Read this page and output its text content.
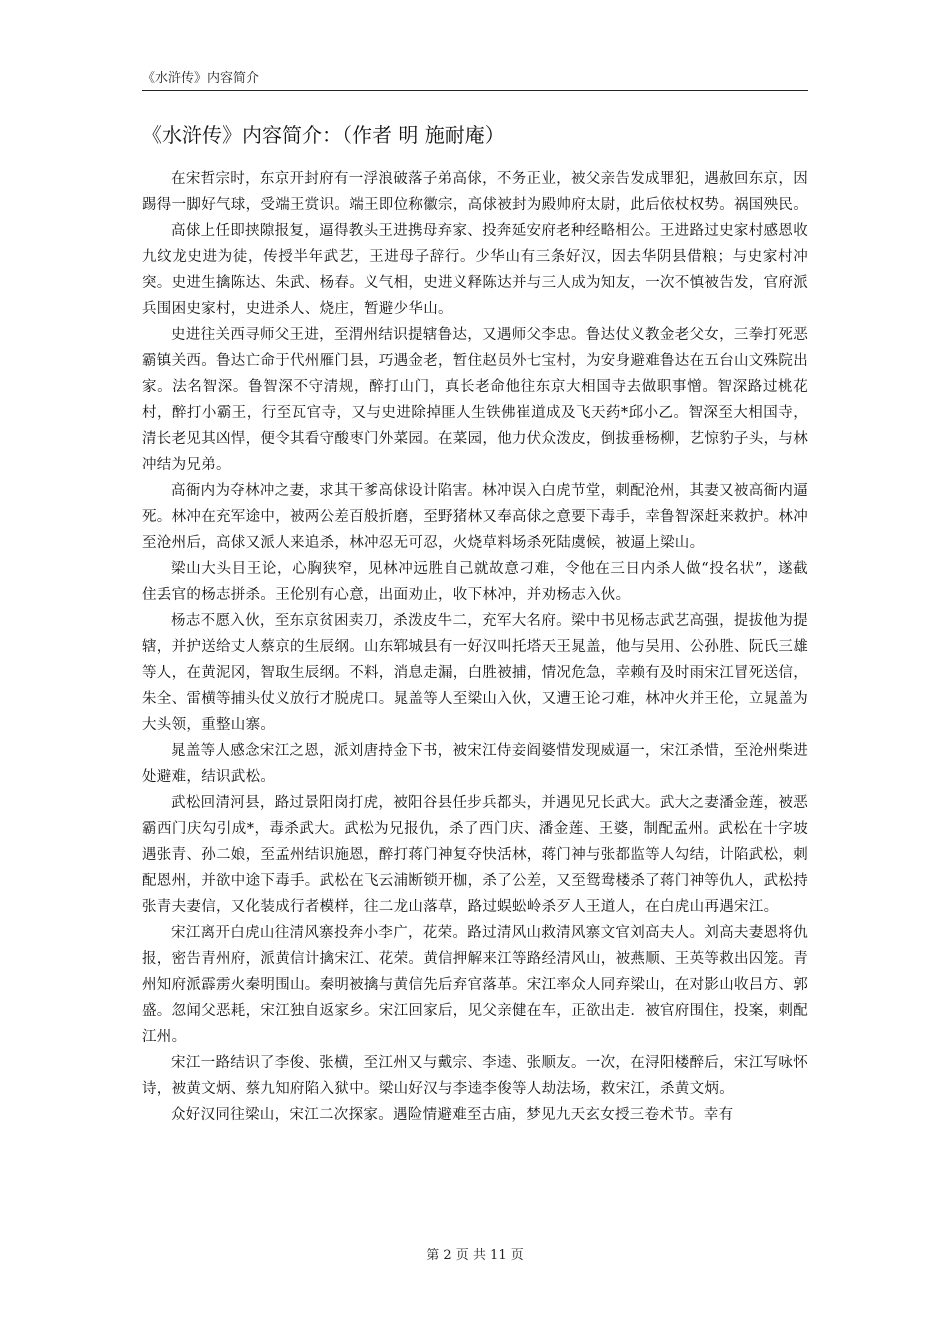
《水浒传》内容简介
《水浒传》内容简介：（作者 明 施耐庵）

在宋哲宗时，东京开封府有一浮浪破落子弟高俅，不务正业，被父亲告发成罪犯，遇赦回东京，因踢得一脚好气球，受端王赏识。端王即位称徽宗，高俅被封为殿帅府太尉，此后依杖权势。祸国殃民。

高俅上任即挟隙报复，逼得教头王进携母弃家、投奔延安府老种经略相公。王进路过史家村感恩收九纹龙史进为徒，传授半年武艺，王进母子辞行。少华山有三条好汉，因去华阴县借粮；与史家村冲突。史进生擒陈达、朱武、杨春。义气相，史进义释陈达并与三人成为知友，一次不慎被告发，官府派兵围困史家村，史进杀人、烧庄，暂避少华山。

史进往关西寻师父王进，至渭州结识提辖鲁达，又遇师父李忠。鲁达仗义教金老父女，三拳打死恶霸镇关西。鲁达亡命于代州雁门县，巧遇金老，暂住赵员外七宝村，为安身避难鲁达在五台山文殊院出家。法名智深。鲁智深不守清规，醉打山门，真长老命他往东京大相国寺去做职事憎。智深路过桃花村，醉打小霸王，行至瓦官寺，又与史进除掉匪人生铁佛崔道成及飞天药*邱小乙。智深至大相国寺，清长老见其凶悍，便令其看守酸枣门外菜园。在菜园，他力伏众泼皮，倒拔垂杨柳，艺惊豹子头，与林冲结为兄弟。

高衙内为夺林冲之妻，求其干爹高俅设计陷害。林冲误入白虎节堂，刺配沧州，其妻又被高衙内逼死。林冲在充军途中，被两公差百般折磨，至野猪林又奉高俅之意要下毒手，幸鲁智深赶来救护。林冲至沧州后，高俅又派人来追杀，林冲忍无可忍，火烧草料场杀死陆虞候，被逼上梁山。

梁山大头目王论，心胸狭窄，见林冲远胜自己就故意刁难，令他在三日内杀人做“投名状”，遂截住丢官的杨志拼杀。王伦别有心意，出面劝止，收下林冲，并劝杨志入伙。

杨志不愿入伙，至东京贫困卖刀，杀泼皮牛二，充军大名府。梁中书见杨志武艺高强，提拔他为提辖，并护送给丈人蔡京的生辰纲。山东郓城县有一好汉叫托塔天王晁盖，他与吴用、公孙胜、阮氏三雄等人，在黄泥冈，智取生辰纲。不料，消息走漏，白胜被捕，情况危急，幸赖有及时雨宋江冒死送信，朱全、雷横等捕头仗义放行才脱虎口。晁盖等人至梁山入伙，又遭王论刁难，林冲火并王伦，立晁盖为大头领，重整山寨。

晁盖等人感念宋江之恩，派刘唐持金下书，被宋江侍妾阎婆惜发现威逼一，宋江杀惜，至沧州柴进处避难，结识武松。

武松回清河县，路过景阳岗打虎，被阳谷县任步兵都头，并遇见兄长武大。武大之妻潘金莲，被恶霸西门庆勾引成*，毒杀武大。武松为兄报仇，杀了西门庆、潘金莲、王婆，制配孟州。武松在十字坡遇张青、孙二娘，至孟州结识施恩，醉打蒋门神复夺快活林，蒋门神与张都监等人勾结，计陷武松，刺配恩州，并欲中途下毒手。武松在飞云浦断锁开枷，杀了公差，又至鸳鸯楼杀了蒋门神等仇人，武松持张青夫妻信，又化装成行者模样，往二龙山落草，路过蜈蚣岭杀歹人王道人，在白虎山再遇宋江。

宋江离开白虎山往清风寨投奔小李广，花荣。路过清风山救清风寨文官刘高夫人。刘高夫妻恩将仇报，密告青州府，派黄信计擒宋江、花荣。黄信押解来江等路经清风山，被燕顺、王英等救出囚笼。青州知府派霹雳火秦明围山。秦明被擒与黄信先后弃官落革。宋江率众人同弃梁山，在对影山收吕方、郭盛。忽闻父恶耗，宋江独自返家乡。宋江回家后，见父亲健在车，正欲出走．被官府围住，投案，刺配江州。

宋江一路结识了李俊、张横，至江州又与戴宗、李逵、张顺友。一次，在浔阳楼醉后，宋江写咏怀诗，被黄文炳、蔡九知府陷入狱中。梁山好汉与李逵李俊等人劫法场，救宋江，杀黄文炳。

众好汉同往梁山，宋江二次探家。遇险情避难至古庙，梦见九天玄女授三卷术节。幸有

第 2 页 共 11 页
